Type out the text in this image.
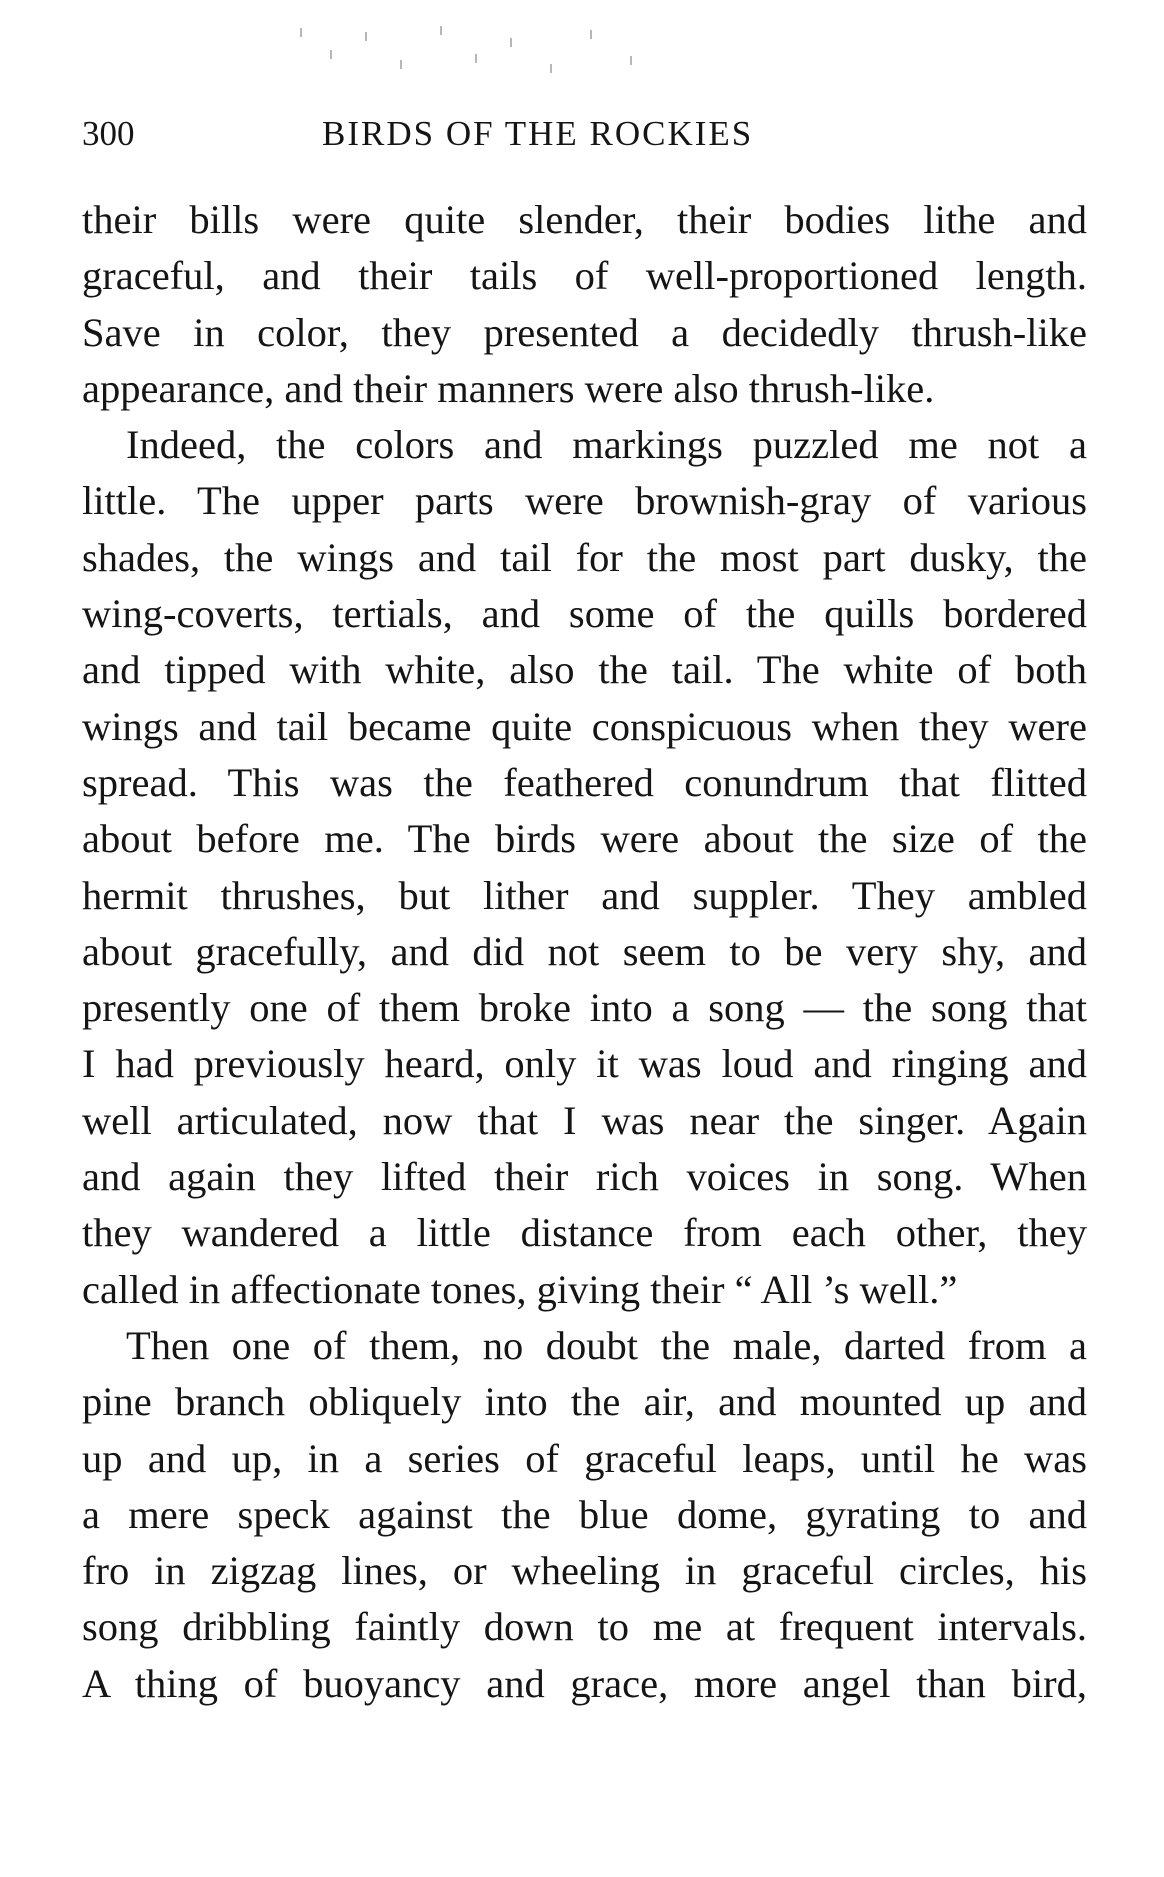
300	BIRDS OF THE ROCKIES
their bills were quite slender, their bodies lithe and
graceful, and their tails of well-proportioned length.
Save in color, they presented a decidedly thrush-like
appearance, and their manners were also thrush-like.
Indeed, the colors and markings puzzled me not a
little. The upper parts were brownish-gray of various
shades, the wings and tail for the most part dusky, the
wing-coverts, tertials, and some of the quills bordered
and tipped with white, also the tail. The white of both
wings and tail became quite conspicuous when they were
spread. This was the feathered conundrum that flitted
about before me. The birds were about the size of the
hermit thrushes, but lither and suppler. They ambled
about gracefully, and did not seem to be very shy, and
presently one of them broke into a song — the song that
I had previously heard, only it was loud and ringing and
well articulated, now that I was near the singer. Again
and again they lifted their rich voices in song. When
they wandered a little distance from each other, they
called in affectionate tones, giving their “ All ’s well.”
Then one of them, no doubt the male, darted from a
pine branch obliquely into the air, and mounted up and
up and up, in a series of graceful leaps, until he was
a mere speck against the blue dome, gyrating to and
fro in zigzag lines, or wheeling in graceful circles, his
song dribbling faintly down to me at frequent intervals.
A thing of buoyancy and grace, more angel than bird,
